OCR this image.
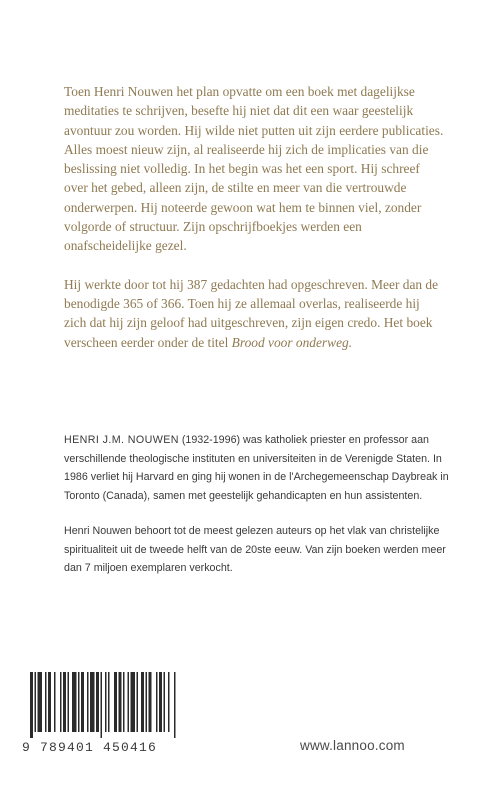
Toen Henri Nouwen het plan opvatte om een boek met dagelijkse meditaties te schrijven, besefte hij niet dat dit een waar geestelijk avontuur zou worden. Hij wilde niet putten uit zijn eerdere publicaties. Alles moest nieuw zijn, al realiseerde hij zich de implicaties van die beslissing niet volledig. In het begin was het een sport. Hij schreef over het gebed, alleen zijn, de stilte en meer van die vertrouwde onderwerpen. Hij noteerde gewoon wat hem te binnen viel, zonder volgorde of structuur. Zijn opschrijfboekjes werden een onafscheidelijke gezel.

Hij werkte door tot hij 387 gedachten had opgeschreven. Meer dan de benodigde 365 of 366. Toen hij ze allemaal overlas, realiseerde hij zich dat hij zijn geloof had uitgeschreven, zijn eigen credo. Het boek verscheen eerder onder de titel Brood voor onderweg.

HENRI J.M. NOUWEN (1932-1996) was katholiek priester en professor aan verschillende theologische instituten en universiteiten in de Verenigde Staten. In 1986 verliet hij Harvard en ging hij wonen in de l'Archegemeenschap Daybreak in Toronto (Canada), samen met geestelijk gehandicapten en hun assistenten.

Henri Nouwen behoort tot de meest gelezen auteurs op het vlak van christelijke spiritualiteit uit de tweede helft van de 20ste eeuw. Van zijn boeken werden meer dan 7 miljoen exemplaren verkocht.

9 789401 450416	www.lannoo.com
